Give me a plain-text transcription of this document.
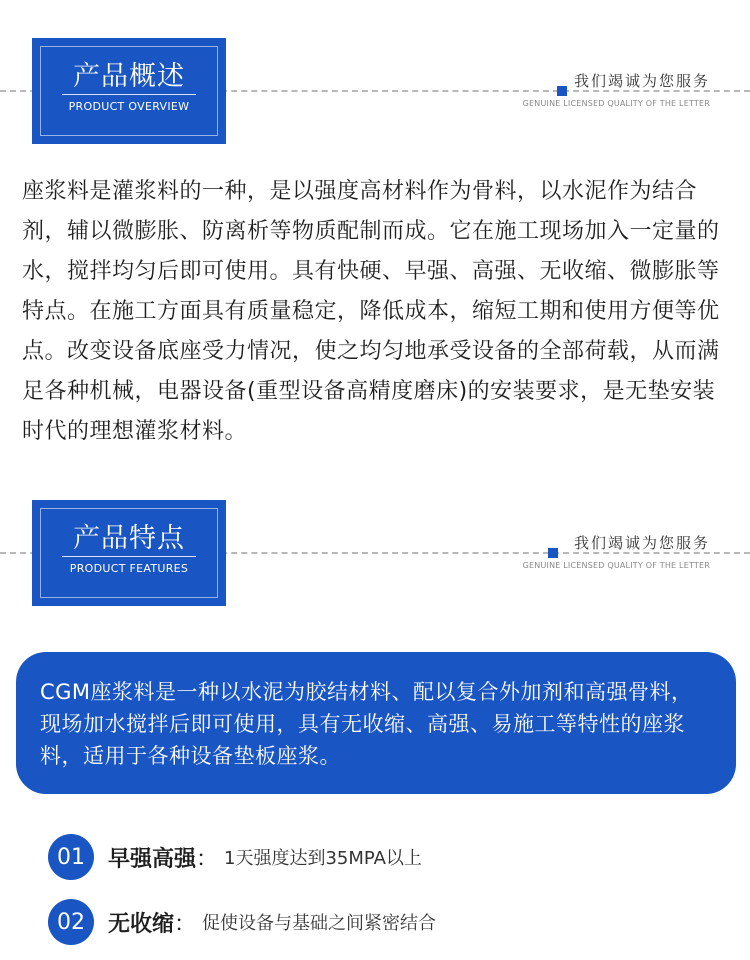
产品概述
PRODUCT OVERVIEW
我们竭诚为您服务
GENUINE LICENSED QUALITY OF THE LETTER
座浆料是灌浆料的一种，是以强度高材料作为骨料，以水泥作为结合剂，辅以微膨胀、防离析等物质配制而成。它在施工现场加入一定量的水，搅拌均匀后即可使用。具有快硬、早强、高强、无收缩、微膨胀等特点。在施工方面具有质量稳定，降低成本，缩短工期和使用方便等优点。改变设备底座受力情况，使之均匀地承受设备的全部荷载，从而满足各种机械，电器设备(重型设备高精度磨床)的安装要求，是无垫安装时代的理想灌浆材料。
产品特点
PRODUCT FEATURES
我们竭诚为您服务
GENUINE LICENSED QUALITY OF THE LETTER
CGM座浆料是一种以水泥为胶结材料、配以复合外加剂和高强骨料，现场加水搅拌后即可使用，具有无收缩、高强、易施工等特性的座浆料，适用于各种设备垫板座浆。
01	早强高强 ： 1天强度达到35MPA以上
02	无收缩 ： 促使设备与基础之间紧密结合
